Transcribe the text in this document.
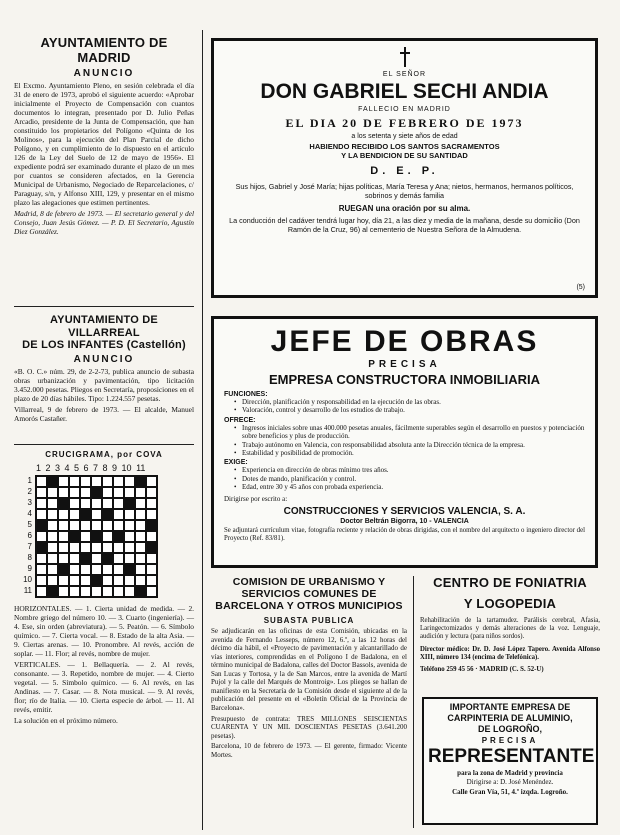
AYUNTAMIENTO DE MADRID
ANUNCIO

El Excmo. Ayuntamiento Pleno, en sesión celebrada el día 31 de enero de 1973, aprobó el siguiente acuerdo: «Aprobar inicialmente el Proyecto de Compensación con cuantos documentos lo integran, presentado por D. Julio Peñas Arcadio, presidente de la Junta de Compensación, que han constituido los propietarios del Polígono «Quinta de los Molinos», para la ejecución del Plan Parcial de dicho Polígono, y en cumplimiento de lo dispuesto en el artículo 126 de la Ley del Suelo de 12 de mayo de 1956». El expediente podrá ser examinado durante el plazo de un mes por cuantos se consideren afectados, en la Gerencia Municipal de Urbanismo, Negociado de Reparcelaciones, c/ Paraguay, s/n, y Alfonso XIII, 129, y presentar en el mismo plazo las alegaciones que estimen pertinentes.

Madrid, 8 de febrero de 1973. — El secretario general y del Consejo, Juan Jesús Gómez. — P. D. El Secretario, Agustín Diez González.

AYUNTAMIENTO DE VILLARREAL
DE LOS INFANTES (Castellón)
ANUNCIO

«B. O. C.» núm. 29, de 2-2-73, publica anuncio de subasta obras urbanización y pavimentación, tipo licitación 3.452.000 pesetas. Pliegos en Secretaría, proposiciones en el plazo de 20 días hábiles. Tipo: 1.224.557 pesetas.

Villarreal, 9 de febrero de 1973. — El alcalde, Manuel Amorós Castañer.

CRUCIGRAMA, por COVA
1 2 3 4 5 6 7 8 9 10 11
1
2
3
4
5
6
7
8
9
10
11

HORIZONTALES. — 1. Cierta unidad de medida. — 2. Nombre griego del número 10. — 3. Cuarto (ingeniería). — 4. Ese, sin orden (abreviatura). — 5. Peatón. — 6. Símbolo químico. — 7. Cierta vocal. — 8. Estado de la alta Asia. — 9. Ciertas arenas. — 10. Pronombre. Al revés, acción de soplar. — 11. Flor; al revés, nombre de mujer.

VERTICALES. — 1. Bellaquería. — 2. Al revés, consonante. — 3. Repetido, nombre de mujer. — 4. Cierto vegetal. — 5. Símbolo químico. — 6. Al revés, en las Andinas. — 7. Casar. — 8. Nota musical. — 9. Al revés, flor; río de Italia. — 10. Cierta especie de árbol. — 11. Al revés, emitir.

La solución en el próximo número.

EL SEÑOR
DON GABRIEL SECHI ANDIA
FALLECIO EN MADRID
EL DIA 20 DE FEBRERO DE 1973
a los setenta y siete años de edad
HABIENDO RECIBIDO LOS SANTOS SACRAMENTOS
Y LA BENDICION DE SU SANTIDAD
D. E. P.

Sus hijos, Gabriel y José María; hijas políticas, María Teresa y Ana; nietos, hermanos, hermanos políticos, sobrinos y demás familia

RUEGAN una oración por su alma.

La conducción del cadáver tendrá lugar hoy, día 21, a las diez y media de la mañana, desde su domicilio (Don Ramón de la Cruz, 96) al cementerio de Nuestra Señora de la Almudena.

(5)
JEFE DE OBRAS
PRECISA
EMPRESA CONSTRUCTORA INMOBILIARIA
FUNCIONES:
• Dirección, planificación y responsabilidad en la ejecución de las obras.
• Valoración, control y desarrollo de los estudios de trabajo.
OFRECE:
• Ingresos iniciales sobre unas 400.000 pesetas anuales, fácilmente superables según el desarrollo en puestos y potenciación sobre beneficios y plus de producción.
• Trabajo autónomo en Valencia, con responsabilidad absoluta ante la Dirección técnica de la empresa.
• Estabilidad y posibilidad de promoción.
EXIGE:
• Experiencia en dirección de obras mínimo tres años.
• Dotes de mando, planificación y control.
• Edad, entre 30 y 45 años con probada experiencia.
Dirigirse por escrito a:
CONSTRUCCIONES Y SERVICIOS VALENCIA, S. A.
Doctor Beltrán Bigorra, 10 - VALENCIA
Se adjuntará currículum vitae, fotografía reciente y relación de obras dirigidas, con el nombre del arquitecto o ingeniero director del Proyecto (Ref. 83/81).
COMISION DE URBANISMO Y SERVICIOS COMUNES DE BARCELONA Y OTROS MUNICIPIOS
SUBASTA PUBLICA

Se adjudicarán en las oficinas de esta Comisión, ubicadas en la avenida de Fernando Lesseps, número 12, 6.º, a las 12 horas del décimo día hábil, el «Proyecto de pavimentación y alcantarillado de vías interiores, comprendidas en el Polígono I de Badalona, en el término municipal de Badalona, calles del Doctor Bassols, avenida de San Lucas y Tortosa, y la de San Marcos, entre la avenida de Martí Pujol y la calle del Marqués de Montroig». Los pliegos se hallan de manifiesto en la Secretaría de la Comisión desde el siguiente al de la publicación del presente en el «Boletín Oficial de la Provincia de Barcelona».

Presupuesto de contrata: TRES MILLONES SEISCIENTAS CUARENTA Y UN MIL DOSCIENTAS PESETAS (3.641.200 pesetas).

Barcelona, 10 de febrero de 1973. — El gerente, firmado: Vicente Mortes.

CENTRO DE FONIATRIA
Y LOGOPEDIA

Rehabilitación de la tartamudez. Parálisis cerebral, Afasia, Laringectomizados y demás alteraciones de la voz. Lenguaje, audición y lectura (para niños sordos).

Director médico: Dr. D. José López Tapero. Avenida Alfonso XIII, número 134 (encima de Telefónica).

Teléfono 259 45 56 · MADRID (C. S. 52-U)

IMPORTANTE EMPRESA DE
CARPINTERIA DE ALUMINIO,
DE LOGROÑO,
PRECISA
REPRESENTANTE
para la zona de Madrid y provincia
Dirigirse a: D. José Menéndez.
Calle Gran Vía, 51, 4.º izqda. Logroño.
